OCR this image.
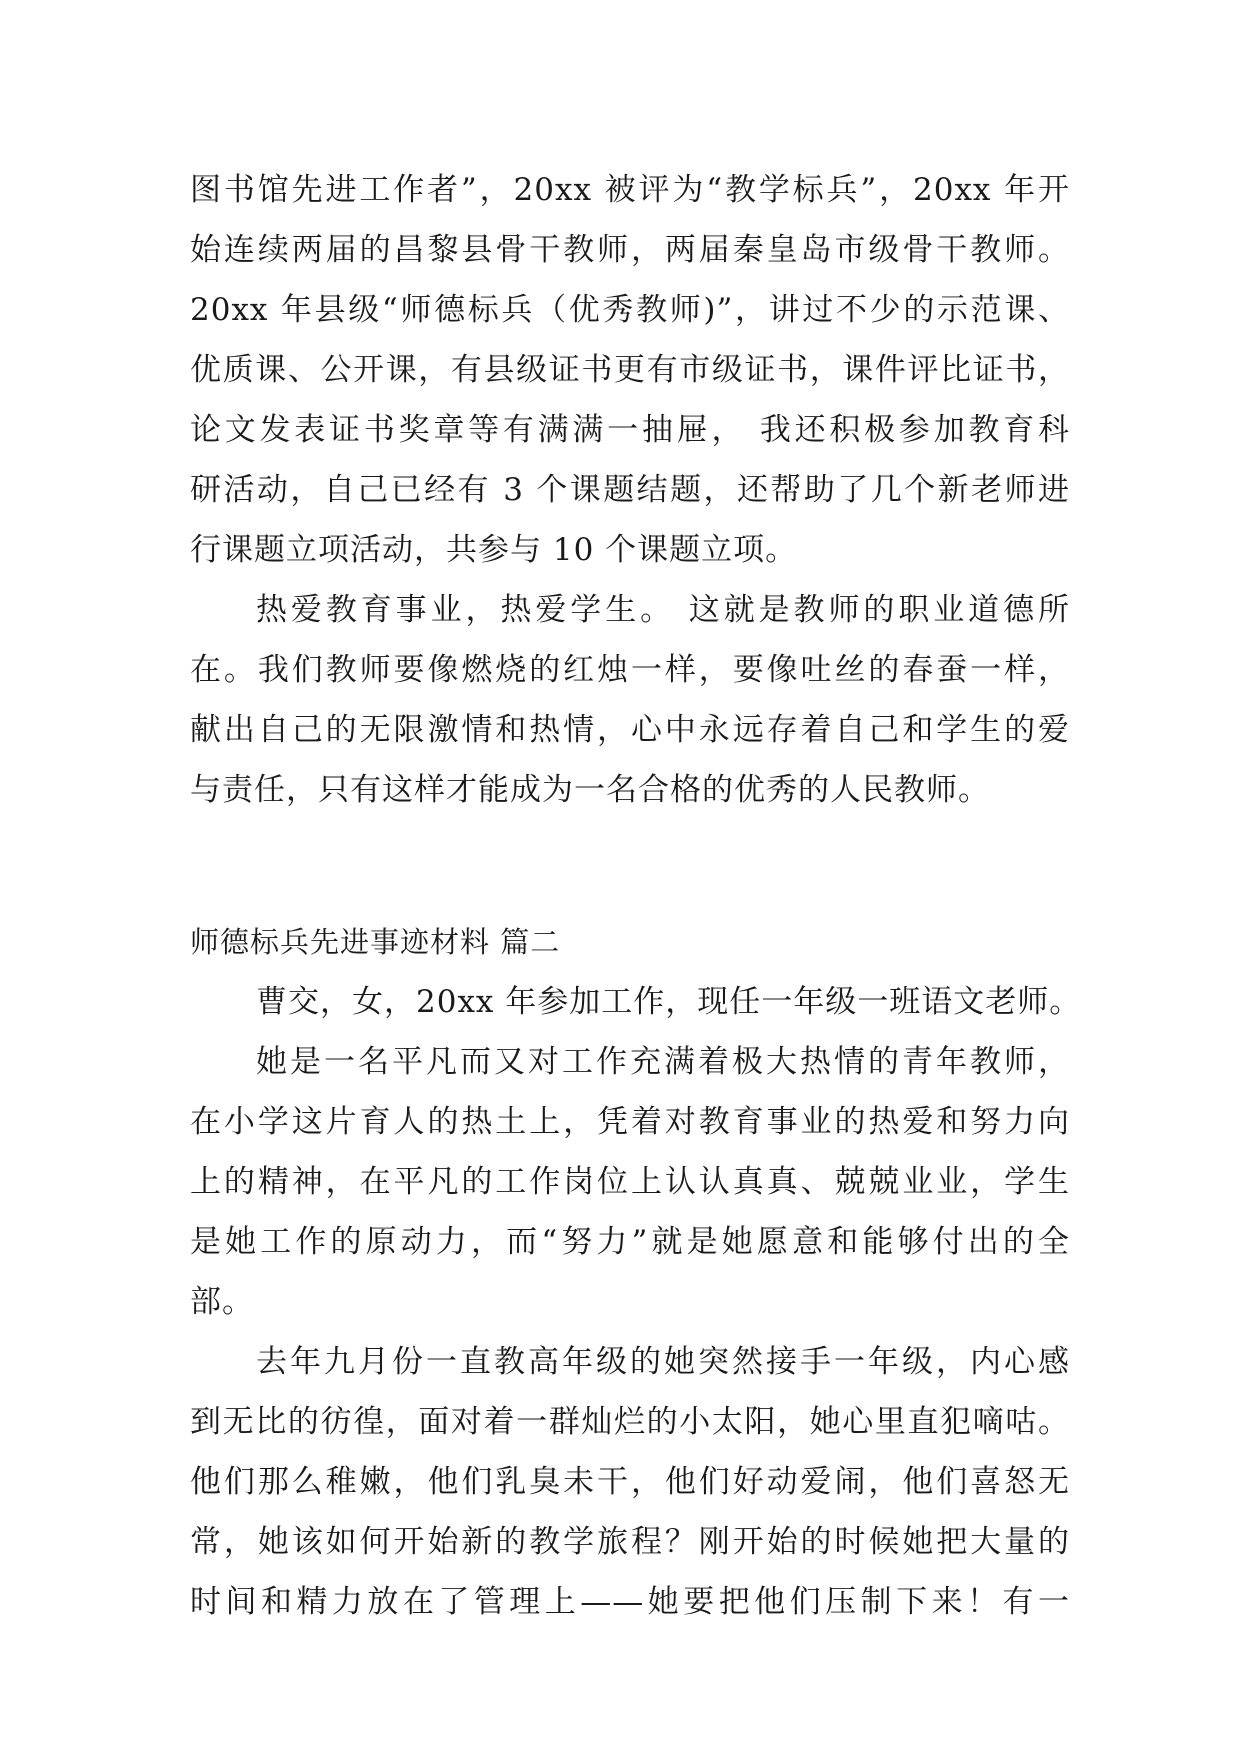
图书馆先进工作者”，20xx 被评为“教学标兵”，20xx 年开
始连续两届的昌黎县骨干教师，两届秦皇岛市级骨干教师。
20xx 年县级“师德标兵（优秀教师)”，讲过不少的示范课、
优质课、公开课，有县级证书更有市级证书，课件评比证书，
论文发表证书奖章等有满满一抽屉， 我还积极参加教育科
研活动，自己已经有 3 个课题结题，还帮助了几个新老师进
行课题立项活动，共参与 10 个课题立项。
热爱教育事业，热爱学生。 这就是教师的职业道德所
在。我们教师要像燃烧的红烛一样，要像吐丝的春蚕一样，
献出自己的无限激情和热情，心中永远存着自己和学生的爱
与责任，只有这样才能成为一名合格的优秀的人民教师。
师德标兵先进事迹材料 篇二
曹交，女，20xx 年参加工作，现任一年级一班语文老师。
她是一名平凡而又对工作充满着极大热情的青年教师，
在小学这片育人的热土上，凭着对教育事业的热爱和努力向
上的精神，在平凡的工作岗位上认认真真、兢兢业业，学生
是她工作的原动力，而“努力”就是她愿意和能够付出的全
部。
去年九月份一直教高年级的她突然接手一年级，内心感
到无比的彷徨，面对着一群灿烂的小太阳，她心里直犯嘀咕。
他们那么稚嫩，他们乳臭未干，他们好动爱闹，他们喜怒无
常，她该如何开始新的教学旅程？刚开始的时候她把大量的
时间和精力放在了管理上——她要把他们压制下来！有一
